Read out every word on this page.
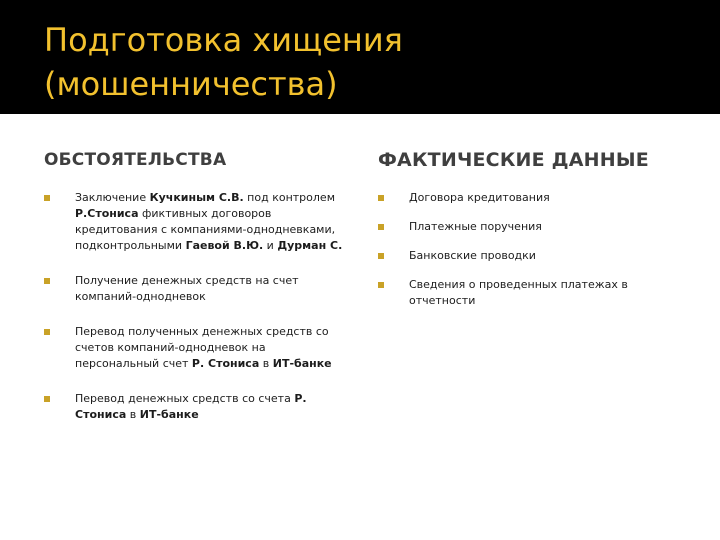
Подготовка хищения
(мошенничества)
ОБСТОЯТЕЛЬСТВА
Заключение Кучкиным С.В. под контролем Р.Стониса фиктивных договоров кредитования с компаниями-однодневками, подконтрольными Гаевой В.Ю. и Дурман С.
Получение денежных средств на счет компаний-однодневок
Перевод полученных денежных средств со счетов компаний-однодневок на персональный счет Р. Стониса в ИТ-банке
Перевод денежных средств со счета Р. Стониса в ИТ-банке
ФАКТИЧЕСКИЕ ДАННЫЕ
Договора кредитования
Платежные поручения
Банковские проводки
Сведения о проведенных платежах в отчетности
